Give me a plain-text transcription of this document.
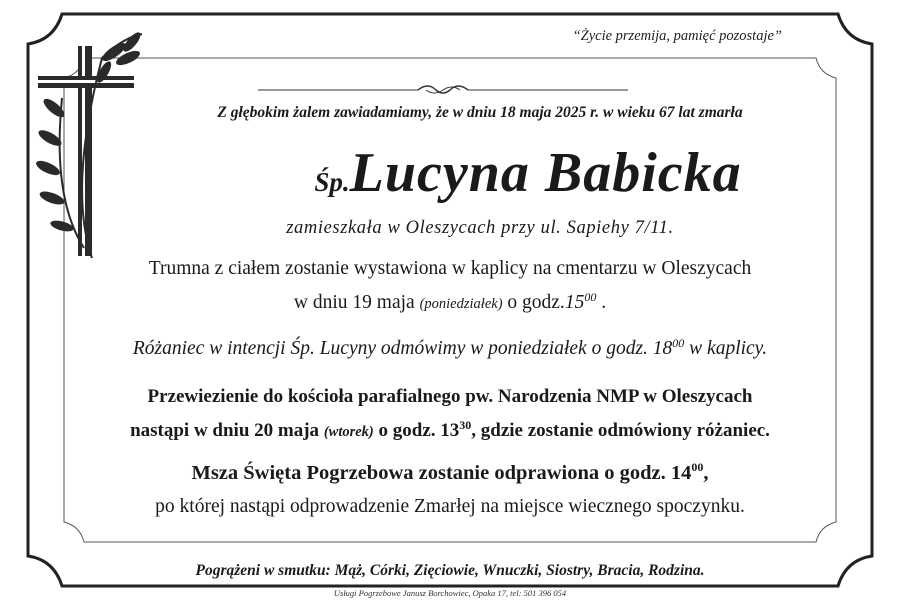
“Życie przemija, pamięć pozostaje”
Z głębokim żalem zawiadamiamy, że w dniu 18 maja 2025 r. w wieku 67 lat zmarła
Śp.Lucyna Babicka
zamieszkała w Oleszycach przy ul. Sapiehy 7/11.
Trumna z ciałem zostanie wystawiona w kaplicy na cmentarzu w Oleszycach
w dniu 19 maja (poniedziałek) o $godz.15^{00}$ .
Różaniec w intencji Śp. Lucyny odmówimy w poniedziałek o godz. $18^{00}$ w kaplicy.
Przewiezienie do kościoła parafialnego pw. Narodzenia NMP w Oleszycach
nastąpi w dniu 20 maja (wtorek) o godz. $13^{30}$, gdzie zostanie odmówiony różaniec.
Msza Święta Pogrzebowa zostanie odprawiona o godz. $14^{00}$,
po której nastąpi odprowadzenie Zmarłej na miejsce wiecznego spoczynku.
Pogrążeni w smutku: Mąż, Córki, Zięciowie, Wnuczki, Siostry, Bracia, Rodzina.
Usługi Pogrzebowe Janusz Borchowiec, Opaka 17, tel: 501 396 054
